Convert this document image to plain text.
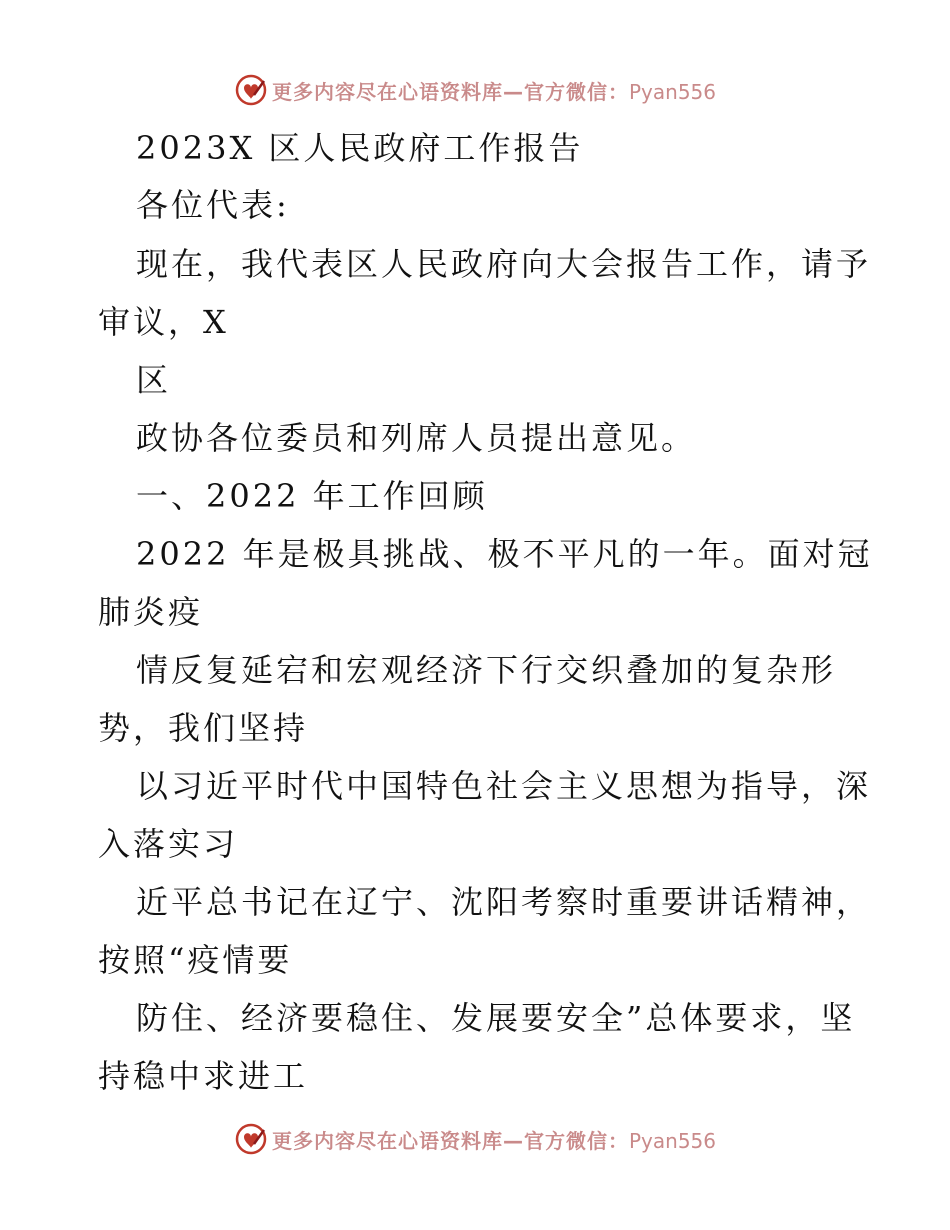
更多内容尽在心语资料库—官方微信：Pyan556
2023X 区人民政府工作报告
各位代表:
现在，我代表区人民政府向大会报告工作，请予
审议，X
区
政协各位委员和列席人员提出意见。
一、2022 年工作回顾
2022 年是极具挑战、极不平凡的一年。面对冠
肺炎疫
情反复延宕和宏观经济下行交织叠加的复杂形
势，我们坚持
以习近平时代中国特色社会主义思想为指导，深
入落实习
近平总书记在辽宁、沈阳考察时重要讲话精神，
按照“疫情要
防住、经济要稳住、发展要安全”总体要求，坚
持稳中求进工
更多内容尽在心语资料库—官方微信：Pyan556
